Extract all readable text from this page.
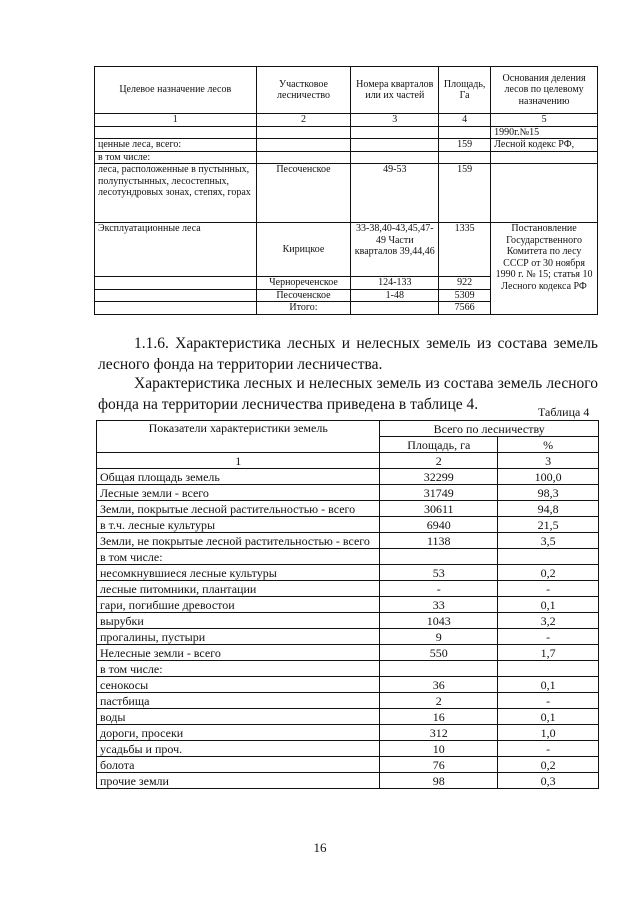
Целевое назначение лесов	Участковое лесничество	Номера кварталов или их частей	Площадь, Га	Основания деления лесов по целевому назначению
1	2	3	4	5
				1990г.№15
ценные леса, всего:			159	Лесной кодекс РФ,
в том числе:				
леса, расположенные в пустынных, полупустынных, лесостепных, лесотундровых зонах, степях, горах	Песоченское	49-53	159	
Эксплуатационные леса	Кирицкое	33-38,40-43,45,47-49 Части кварталов 39,44,46	1335	Постановление Государственного Комитета по лесу СССР от 30 ноября 1990 г. № 15; статья 10 Лесного кодекса РФ
	Чернореченское	124-133	922	
	Песоченское	1-48	5309	
	Итого:		7566	
1.1.6. Характеристика лесных и нелесных земель из состава земель лесного фонда на территории лесничества.
Характеристика лесных и нелесных земель из состава земель лесного фонда на территории лесничества приведена в таблице 4.	Таблица 4
Показатели характеристики земель	Всего по лесничеству	
	Площадь, га	%
1	2	3
Общая площадь земель	32299	100,0
Лесные земли - всего	31749	98,3
Земли, покрытые лесной растительностью - всего	30611	94,8
в т.ч. лесные культуры	6940	21,5
Земли, не покрытые лесной растительностью - всего	1138	3,5
в том числе:		
несомкнувшиеся лесные культуры	53	0,2
лесные питомники, плантации	-	-
гари, погибшие древостои	33	0,1
вырубки	1043	3,2
прогалины, пустыри	9	-
Нелесные земли - всего	550	1,7
в том числе:		
сенокосы	36	0,1
пастбища	2	-
воды	16	0,1
дороги, просеки	312	1,0
усадьбы и проч.	10	-
болота	76	0,2
прочие земли	98	0,3
16
